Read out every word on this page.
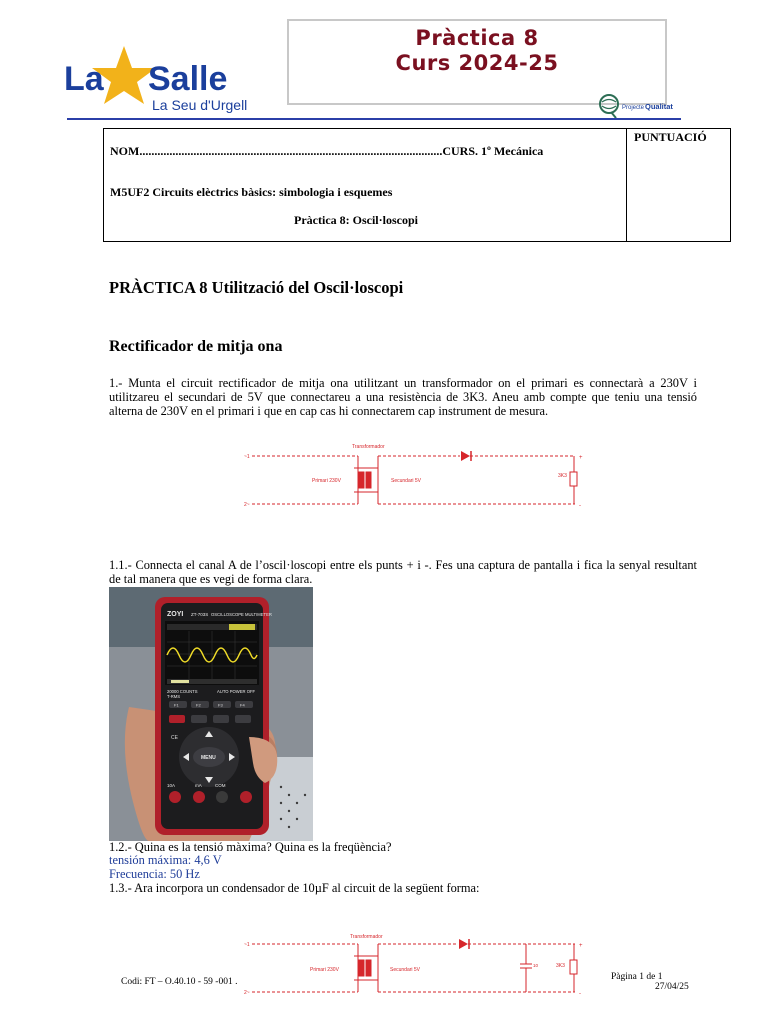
La Salle
La Seu d'Urgell
Pràctica 8
Curs 2024-25
Projecte Qualitat
NOM.....................................................................................................CURS. 1º Mecánica
M5UF2 Circuits elèctrics bàsics: simbologia i esquemes
Pràctica 8: Oscil·loscopi
PUNTUACIÓ
PRÀCTICA 8 Utilització del Oscil·loscopi
Rectificador de mitja ona
1.- Munta el circuit rectificador de mitja ona utilitzant un transformador on el primari es connectarà a 230V i utilitzareu el secundari de 5V que connectareu a una resistència de 3K3. Aneu amb compte que teniu una tensió alterna de 230V en el primari i que en cap cas hi connectarem cap instrument de mesura.
Transformador
Primari 230V	Secundari 5V
3K3
+
-
~1
2~
1.1.- Connecta el canal A de l’oscil·loscopi entre els punts + i -. Fes una captura de pantalla i fica la senyal resultant de tal manera que es vegi de forma clara.
ZOYI ZT-703S OSCILLOSCOPE MULTIMETER
20000 COUNTS
T-RMS
AUTO POWER OFF
F1	F2	F3	F4
MENU
CE
10A	mA	COM
1.2.- Quina es la tensió màxima? Quina es la freqüència?
tensión máxima: 4,6 V
Frecuencia: 50 Hz
1.3.- Ara incorpora un condensador de 10µF al circuit de la següent forma:
Transformador
Primari 230V	Secundari 5V
10	3K3
+
-
~1
2~
Codi: FT – O.40.10 - 59 -001 .	Pàgina 1 de 1
27/04/25
